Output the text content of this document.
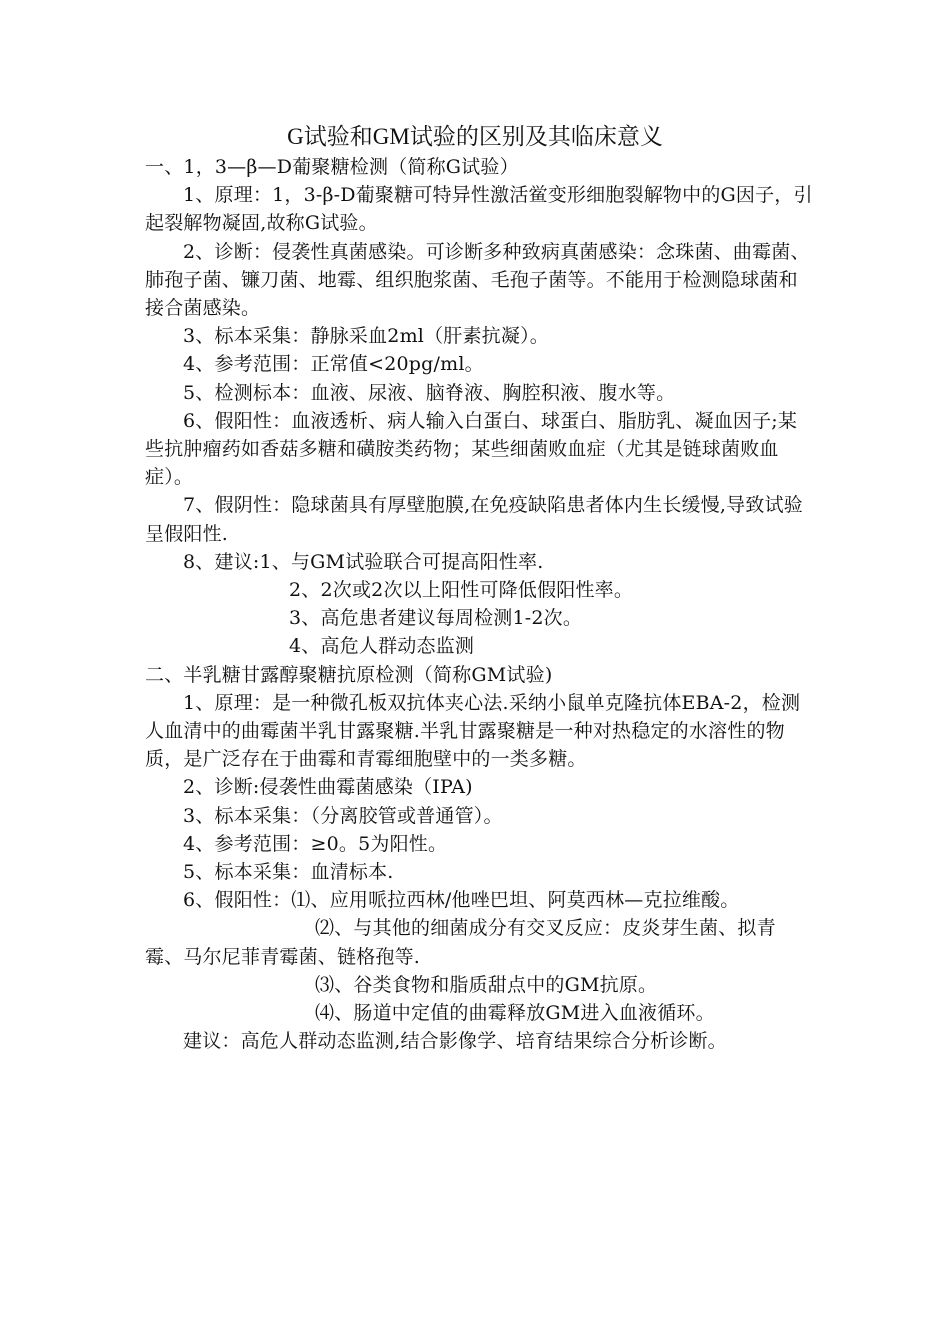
G试验和GM试验的区别及其临床意义

一、1，3—β—D葡聚糖检测（简称G试验）

1、原理：1，3-β-D葡聚糖可特异性激活鲎变形细胞裂解物中的G因子，引起裂解物凝固,故称G试验。

2、诊断：侵袭性真菌感染。可诊断多种致病真菌感染：念珠菌、曲霉菌、肺孢子菌、镰刀菌、地霉、组织胞浆菌、毛孢子菌等。不能用于检测隐球菌和接合菌感染。

3、标本采集：静脉采血2ml（肝素抗凝）。

4、参考范围：正常值<20pg/ml。

5、检测标本：血液、尿液、脑脊液、胸腔积液、腹水等。

6、假阳性：血液透析、病人输入白蛋白、球蛋白、脂肪乳、凝血因子;某些抗肿瘤药如香菇多糖和磺胺类药物；某些细菌败血症（尤其是链球菌败血症）。

7、假阴性：隐球菌具有厚壁胞膜,在免疫缺陷患者体内生长缓慢,导致试验呈假阳性.

8、建议:1、与GM试验联合可提高阳性率.

2、2次或2次以上阳性可降低假阳性率。

3、高危患者建议每周检测1-2次。

4、高危人群动态监测

二、半乳糖甘露醇聚糖抗原检测（简称GM试验)

1、原理：是一种微孔板双抗体夹心法.采纳小鼠单克隆抗体EBA-2，检测人血清中的曲霉菌半乳甘露聚糖.半乳甘露聚糖是一种对热稳定的水溶性的物质，是广泛存在于曲霉和青霉细胞壁中的一类多糖。

2、诊断:侵袭性曲霉菌感染（IPA)

3、标本采集：（分离胶管或普通管）。

4、参考范围：≥0。5为阳性。

5、标本采集：血清标本.

6、假阳性：⑴、应用哌拉西林/他唑巴坦、阿莫西林—克拉维酸。

⑵、与其他的细菌成分有交叉反应：皮炎芽生菌、拟青霉、马尔尼菲青霉菌、链格孢等.

⑶、谷类食物和脂质甜点中的GM抗原。

⑷、肠道中定值的曲霉释放GM进入血液循环。

建议：高危人群动态监测,结合影像学、培育结果综合分析诊断。
